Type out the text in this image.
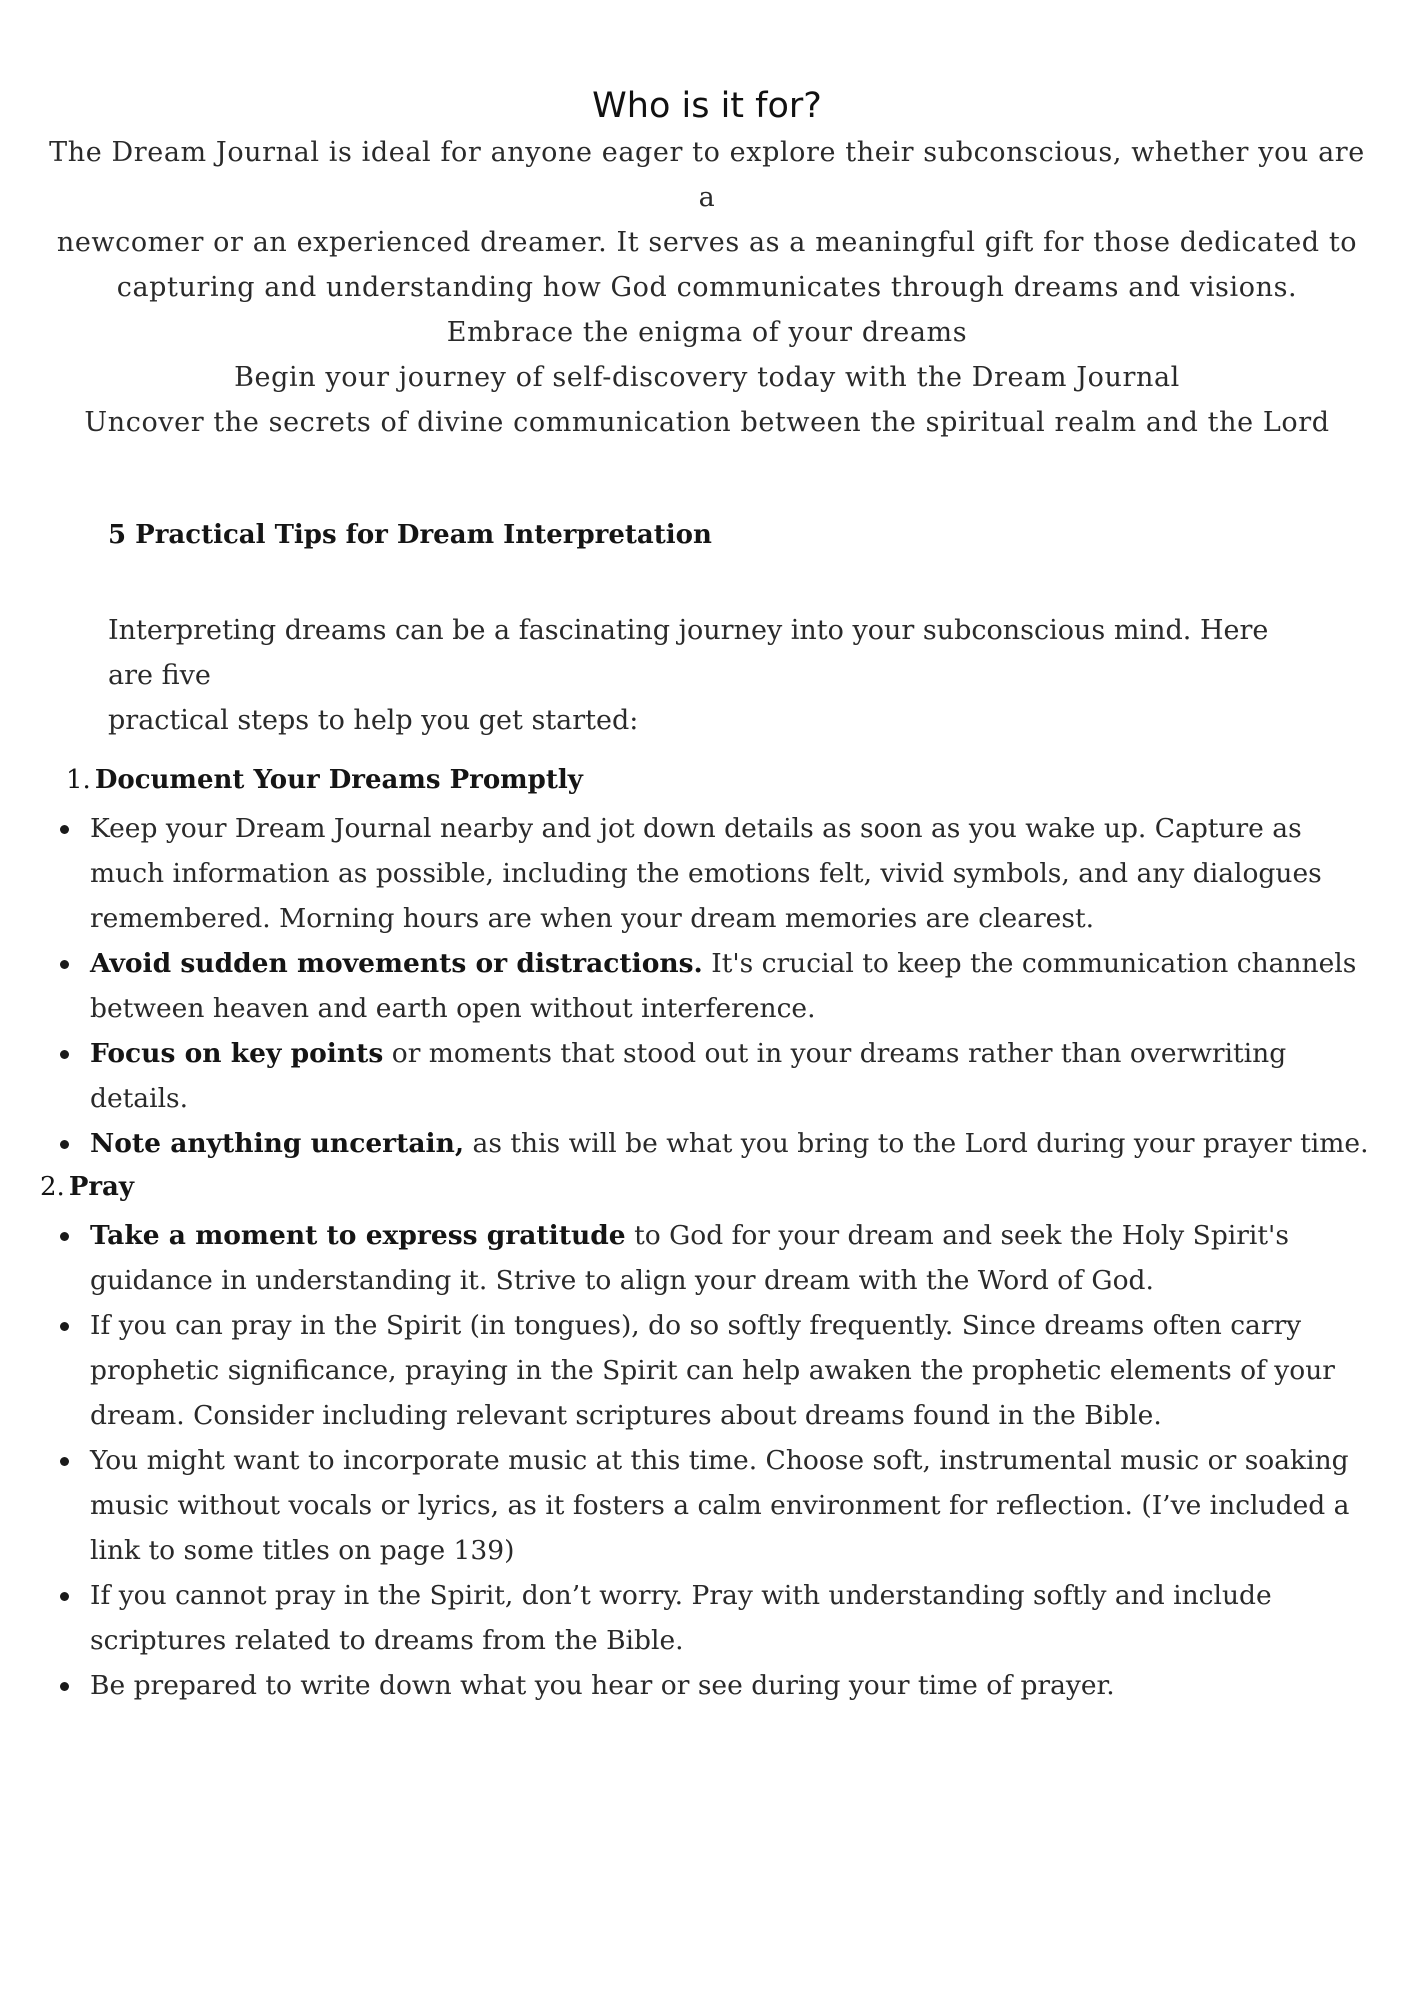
Who is it for?

The Dream Journal is ideal for anyone eager to explore their subconscious, whether you are a

newcomer or an experienced dreamer. It serves as a meaningful gift for those dedicated to

capturing and understanding how God communicates through dreams and visions.

Embrace the enigma of your dreams

Begin your journey of self-discovery today with the Dream Journal

Uncover the secrets of divine communication between the spiritual realm and the Lord

5 Practical Tips for Dream Interpretation

Interpreting dreams can be a fascinating journey into your subconscious mind. Here are five
practical steps to help you get started:

1. Document Your Dreams Promptly
Keep your Dream Journal nearby and jot down details as soon as you wake up. Capture as much information as possible, including the emotions felt, vivid symbols, and any dialogues remembered. Morning hours are when your dream memories are clearest.
Avoid sudden movements or distractions. It's crucial to keep the communication channels between heaven and earth open without interference.
Focus on key points or moments that stood out in your dreams rather than overwriting details.
Note anything uncertain, as this will be what you bring to the Lord during your prayer time.
2. Pray
Take a moment to express gratitude to God for your dream and seek the Holy Spirit's guidance in understanding it. Strive to align your dream with the Word of God.
If you can pray in the Spirit (in tongues), do so softly frequently. Since dreams often carry prophetic significance, praying in the Spirit can help awaken the prophetic elements of your dream. Consider including relevant scriptures about dreams found in the Bible.
You might want to incorporate music at this time. Choose soft, instrumental music or soaking music without vocals or lyrics, as it fosters a calm environment for reflection. (I’ve included a link to some titles on page 139)
If you cannot pray in the Spirit, don’t worry. Pray with understanding softly and include scriptures related to dreams from the Bible.
Be prepared to write down what you hear or see during your time of prayer.
